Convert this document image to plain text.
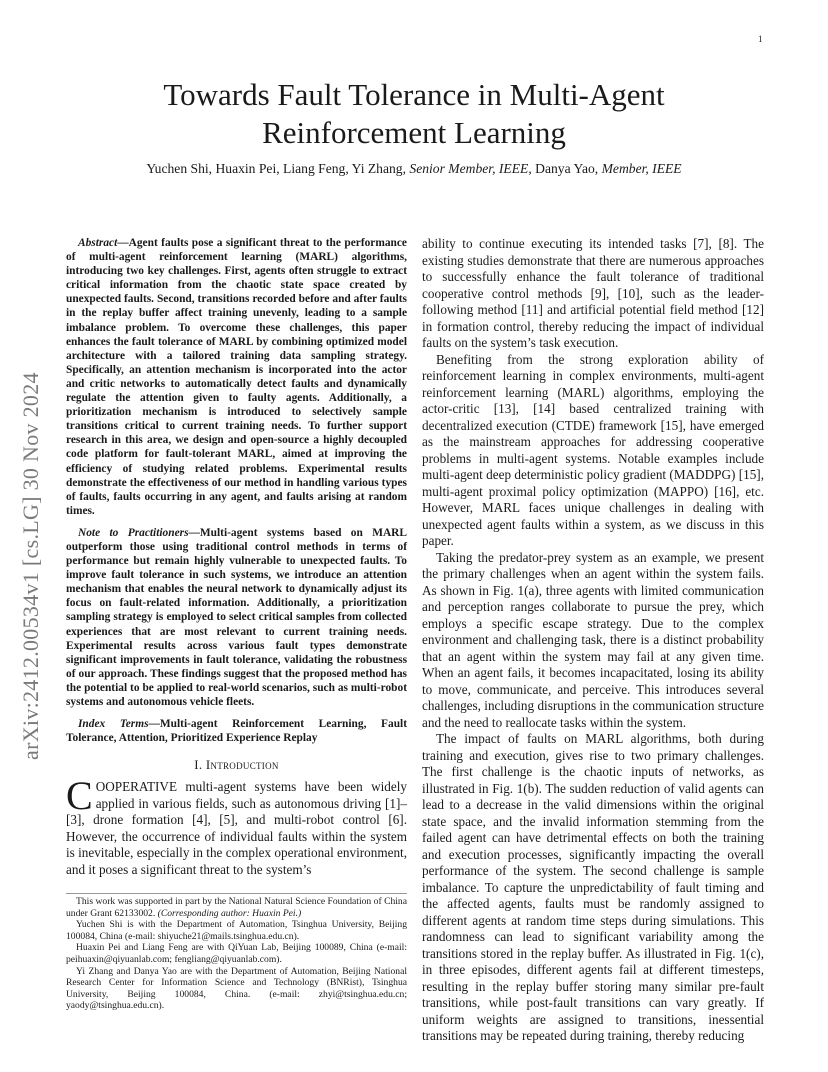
1
arXiv:2412.00534v1 [cs.LG] 30 Nov 2024
Towards Fault Tolerance in Multi-Agent Reinforcement Learning
Yuchen Shi, Huaxin Pei, Liang Feng, Yi Zhang, Senior Member, IEEE, Danya Yao, Member, IEEE

Abstract—Agent faults pose a significant threat to the performance of multi-agent reinforcement learning (MARL) algorithms, introducing two key challenges. First, agents often struggle to extract critical information from the chaotic state space created by unexpected faults. Second, transitions recorded before and after faults in the replay buffer affect training unevenly, leading to a sample imbalance problem. To overcome these challenges, this paper enhances the fault tolerance of MARL by combining optimized model architecture with a tailored training data sampling strategy. Specifically, an attention mechanism is incorporated into the actor and critic networks to automatically detect faults and dynamically regulate the attention given to faulty agents. Additionally, a prioritization mechanism is introduced to selectively sample transitions critical to current training needs. To further support research in this area, we design and open-source a highly decoupled code platform for fault-tolerant MARL, aimed at improving the efficiency of studying related problems. Experimental results demonstrate the effectiveness of our method in handling various types of faults, faults occurring in any agent, and faults arising at random times.

Note to Practitioners—Multi-agent systems based on MARL outperform those using traditional control methods in terms of performance but remain highly vulnerable to unexpected faults. To improve fault tolerance in such systems, we introduce an attention mechanism that enables the neural network to dynamically adjust its focus on fault-related information. Additionally, a prioritization sampling strategy is employed to select critical samples from collected experiences that are most relevant to current training needs. Experimental results across various fault types demonstrate significant improvements in fault tolerance, validating the robustness of our approach. These findings suggest that the proposed method has the potential to be applied to real-world scenarios, such as multi-robot systems and autonomous vehicle fleets.

Index Terms—Multi-agent Reinforcement Learning, Fault Tolerance, Attention, Prioritized Experience Replay

I. Introduction

COOPERATIVE multi-agent systems have been widely applied in various fields, such as autonomous driving [1]–[3], drone formation [4], [5], and multi-robot control [6]. However, the occurrence of individual faults within the system is inevitable, especially in the complex operational environment, and it poses a significant threat to the system’s

This work was supported in part by the National Natural Science Foundation of China under Grant 62133002. (Corresponding author: Huaxin Pei.)

Yuchen Shi is with the Department of Automation, Tsinghua University, Beijing 100084, China (e-mail: shiyuche21@mails.tsinghua.edu.cn).

Huaxin Pei and Liang Feng are with QiYuan Lab, Beijing 100089, China (e-mail: peihuaxin@qiyuanlab.com; fengliang@qiyuanlab.com).

Yi Zhang and Danya Yao are with the Department of Automation, Beijing National Research Center for Information Science and Technology (BNRist), Tsinghua University, Beijing 100084, China. (e-mail: zhyi@tsinghua.edu.cn; yaody@tsinghua.edu.cn).

ability to continue executing its intended tasks [7], [8]. The existing studies demonstrate that there are numerous approaches to successfully enhance the fault tolerance of traditional cooperative control methods [9], [10], such as the leader-following method [11] and artificial potential field method [12] in formation control, thereby reducing the impact of individual faults on the system’s task execution.

Benefiting from the strong exploration ability of reinforcement learning in complex environments, multi-agent reinforcement learning (MARL) algorithms, employing the actor-critic [13], [14] based centralized training with decentralized execution (CTDE) framework [15], have emerged as the mainstream approaches for addressing cooperative problems in multi-agent systems. Notable examples include multi-agent deep deterministic policy gradient (MADDPG) [15], multi-agent proximal policy optimization (MAPPO) [16], etc. However, MARL faces unique challenges in dealing with unexpected agent faults within a system, as we discuss in this paper.

Taking the predator-prey system as an example, we present the primary challenges when an agent within the system fails. As shown in Fig. 1(a), three agents with limited communication and perception ranges collaborate to pursue the prey, which employs a specific escape strategy. Due to the complex environment and challenging task, there is a distinct probability that an agent within the system may fail at any given time. When an agent fails, it becomes incapacitated, losing its ability to move, communicate, and perceive. This introduces several challenges, including disruptions in the communication structure and the need to reallocate tasks within the system.

The impact of faults on MARL algorithms, both during training and execution, gives rise to two primary challenges. The first challenge is the chaotic inputs of networks, as illustrated in Fig. 1(b). The sudden reduction of valid agents can lead to a decrease in the valid dimensions within the original state space, and the invalid information stemming from the failed agent can have detrimental effects on both the training and execution processes, significantly impacting the overall performance of the system. The second challenge is sample imbalance. To capture the unpredictability of fault timing and the affected agents, faults must be randomly assigned to different agents at random time steps during simulations. This randomness can lead to significant variability among the transitions stored in the replay buffer. As illustrated in Fig. 1(c), in three episodes, different agents fail at different timesteps, resulting in the replay buffer storing many similar pre-fault transitions, while post-fault transitions can vary greatly. If uniform weights are assigned to transitions, inessential transitions may be repeated during training, thereby reducing
